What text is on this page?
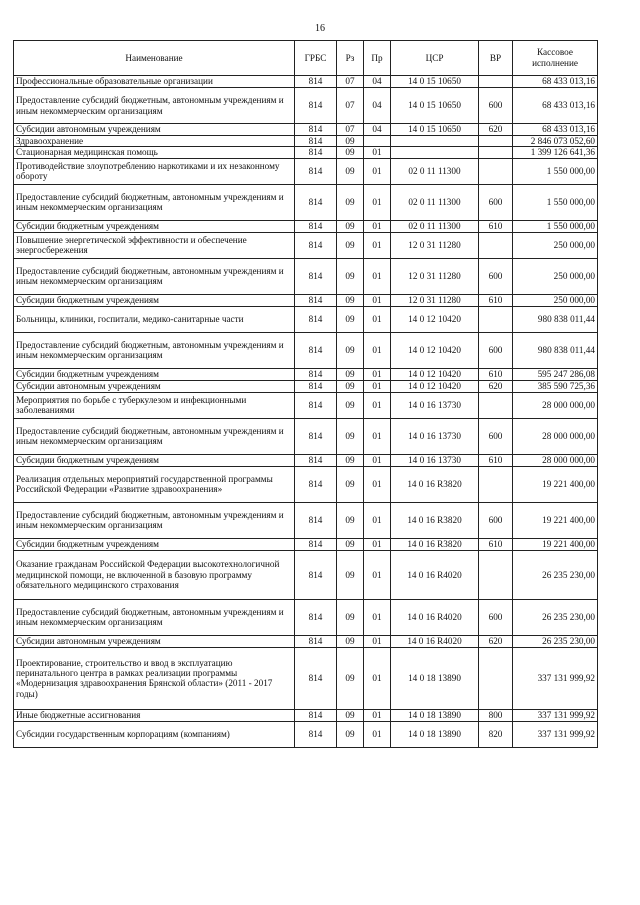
16
Наименование	ГРБС	Рз	Пр	ЦСР	ВР	Кассовое исполнение
Профессиональные образовательные организации	814	07	04	14 0 15 10650		68 433 013,16
Предоставление субсидий бюджетным, автономным учреждениям и иным некоммерческим организациям	814	07	04	14 0 15 10650	600	68 433 013,16
Субсидии автономным учреждениям	814	07	04	14 0 15 10650	620	68 433 013,16
Здравоохранение	814	09				2 846 073 052,60
Стационарная медицинская помощь	814	09	01			1 399 126 641,36
Противодействие злоупотреблению наркотиками и их незаконному обороту	814	09	01	02 0 11 11300		1 550 000,00
Предоставление субсидий бюджетным, автономным учреждениям и иным некоммерческим организациям	814	09	01	02 0 11 11300	600	1 550 000,00
Субсидии бюджетным учреждениям	814	09	01	02 0 11 11300	610	1 550 000,00
Повышение энергетической эффективности и обеспечение энергосбережения	814	09	01	12 0 31 11280		250 000,00
Предоставление субсидий бюджетным, автономным учреждениям и иным некоммерческим организациям	814	09	01	12 0 31 11280	600	250 000,00
Субсидии бюджетным учреждениям	814	09	01	12 0 31 11280	610	250 000,00
Больницы, клиники, госпитали, медико-санитарные части	814	09	01	14 0 12 10420		980 838 011,44
Предоставление субсидий бюджетным, автономным учреждениям и иным некоммерческим организациям	814	09	01	14 0 12 10420	600	980 838 011,44
Субсидии бюджетным учреждениям	814	09	01	14 0 12 10420	610	595 247 286,08
Субсидии автономным учреждениям	814	09	01	14 0 12 10420	620	385 590 725,36
Мероприятия по борьбе с туберкулезом и инфекционными заболеваниями	814	09	01	14 0 16 13730		28 000 000,00
Предоставление субсидий бюджетным, автономным учреждениям и иным некоммерческим организациям	814	09	01	14 0 16 13730	600	28 000 000,00
Субсидии бюджетным учреждениям	814	09	01	14 0 16 13730	610	28 000 000,00
Реализация отдельных мероприятий государственной программы Российской Федерации «Развитие здравоохранения»	814	09	01	14 0 16 R3820		19 221 400,00
Предоставление субсидий бюджетным, автономным учреждениям и иным некоммерческим организациям	814	09	01	14 0 16 R3820	600	19 221 400,00
Субсидии бюджетным учреждениям	814	09	01	14 0 16 R3820	610	19 221 400,00
Оказание гражданам Российской Федерации высокотехнологичной медицинской помощи, не включенной в базовую программу обязательного медицинского страхования	814	09	01	14 0 16 R4020		26 235 230,00
Предоставление субсидий бюджетным, автономным учреждениям и иным некоммерческим организациям	814	09	01	14 0 16 R4020	600	26 235 230,00
Субсидии автономным учреждениям	814	09	01	14 0 16 R4020	620	26 235 230,00
Проектирование, строительство и ввод в эксплуатацию перинатального центра в рамках реализации программы «Модернизация здравоохранения Брянской области» (2011 - 2017 годы)	814	09	01	14 0 18 13890		337 131 999,92
Иные бюджетные ассигнования	814	09	01	14 0 18 13890	800	337 131 999,92
Субсидии государственным корпорациям (компаниям)	814	09	01	14 0 18 13890	820	337 131 999,92
